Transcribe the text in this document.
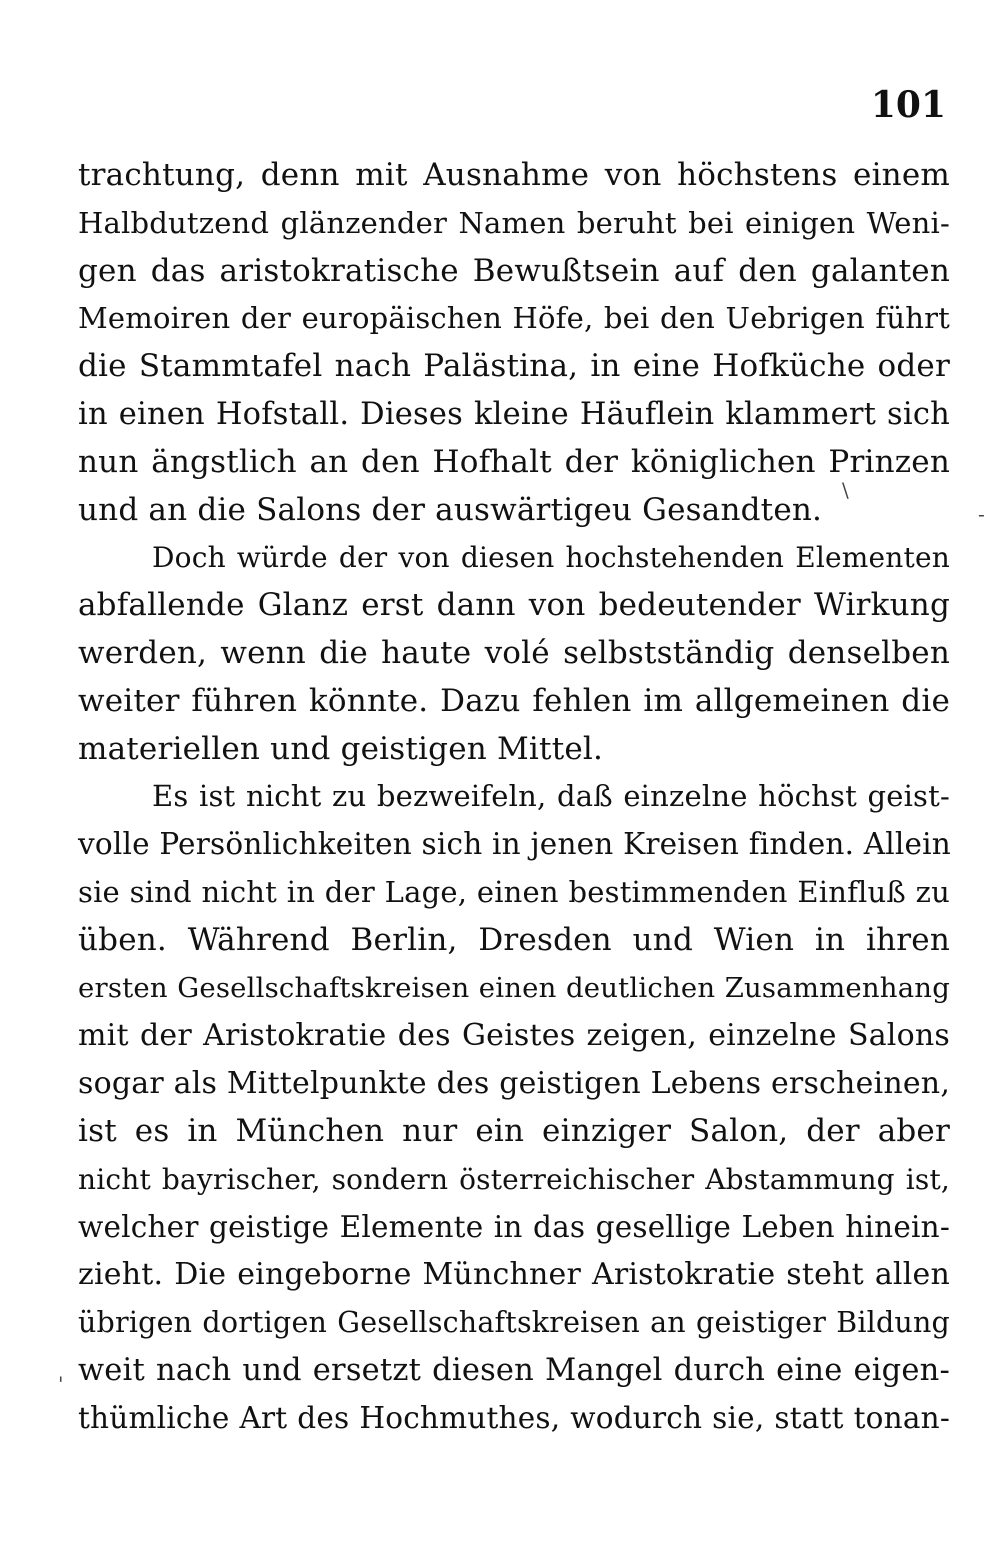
101
trachtung, denn mit Ausnahme von höchstens einem
Halbdutzend glänzender Namen beruht bei einigen Weni-
gen das aristokratische Bewußtsein auf den galanten
Memoiren der europäischen Höfe, bei den Uebrigen führt
die Stammtafel nach Palästina, in eine Hofküche oder
in einen Hofstall. Dieses kleine Häuflein klammert sich
nun ängstlich an den Hofhalt der königlichen Prinzen
und an die Salons der auswärtigeu Gesandten.
Doch würde der von diesen hochstehenden Elementen
abfallende Glanz erst dann von bedeutender Wirkung
werden, wenn die haute volé selbstständig denselben
weiter führen könnte. Dazu fehlen im allgemeinen die
materiellen und geistigen Mittel.
Es ist nicht zu bezweifeln, daß einzelne höchst geist-
volle Persönlichkeiten sich in jenen Kreisen finden. Allein
sie sind nicht in der Lage, einen bestimmenden Einfluß zu
üben. Während Berlin, Dresden und Wien in ihren
ersten Gesellschaftskreisen einen deutlichen Zusammenhang
mit der Aristokratie des Geistes zeigen, einzelne Salons
sogar als Mittelpunkte des geistigen Lebens erscheinen,
ist es in München nur ein einziger Salon, der aber
nicht bayrischer, sondern österreichischer Abstammung ist,
welcher geistige Elemente in das gesellige Leben hinein-
zieht. Die eingeborne Münchner Aristokratie steht allen
übrigen dortigen Gesellschaftskreisen an geistiger Bildung
weit nach und ersetzt diesen Mangel durch eine eigen-
thümliche Art des Hochmuthes, wodurch sie, statt tonan-
\
-
'
